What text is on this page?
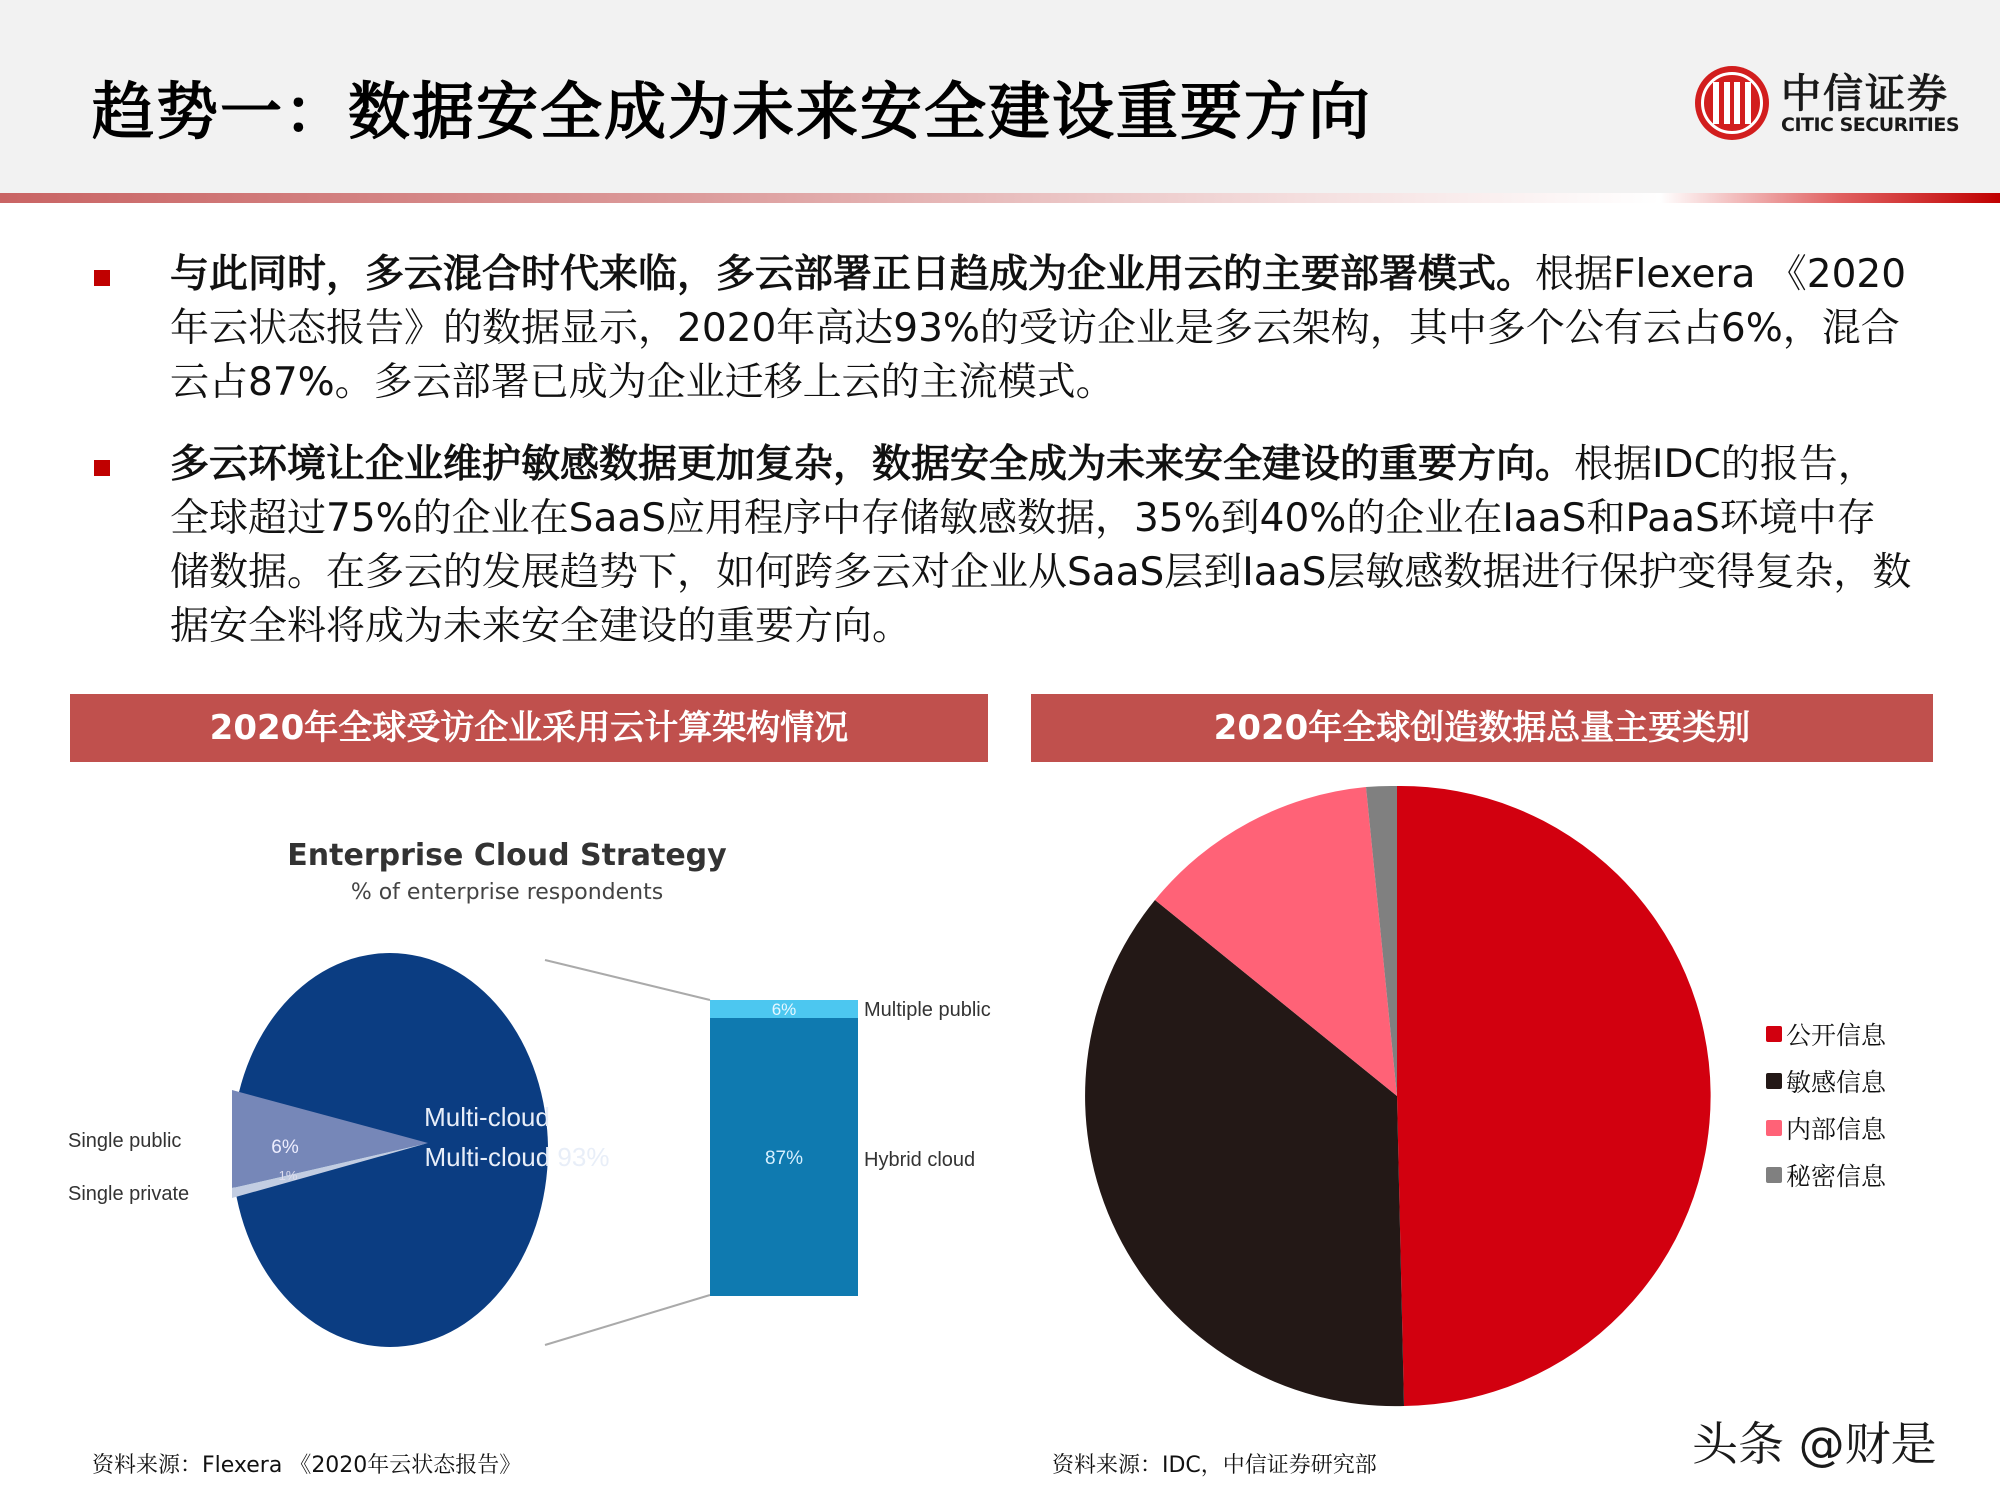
趋势一：数据安全成为未来安全建设重要方向	中信证券
CITIC SECURITIES
与此同时，多云混合时代来临，多云部署正日趋成为企业用云的主要部署模式。根据Flexera 《2020年云状态报告》的数据显示，2020年高达93%的受访企业是多云架构，其中多个公有云占6%，混合云占87%。多云部署已成为企业迁移上云的主流模式。
多云环境让企业维护敏感数据更加复杂，数据安全成为未来安全建设的重要方向。根据IDC的报告，全球超过75%的企业在SaaS应用程序中存储敏感数据，35%到40%的企业在IaaS和PaaS环境中存储数据。在多云的发展趋势下，如何跨多云对企业从SaaS层到IaaS层敏感数据进行保护变得复杂，数据安全料将成为未来安全建设的重要方向。
2020年全球受访企业采用云计算架构情况	2020年全球创造数据总量主要类别
Enterprise Cloud Strategy
% of enterprise respondents
Multi-cloud
Multi-cloud 93%
6%
1%
Single public
Single private
6%
87%
Multiple public
Hybrid cloud
公开信息
敏感信息
内部信息
秘密信息
资料来源：Flexera 《2020年云状态报告》	资料来源：IDC，中信证券研究部	头条 @财是
